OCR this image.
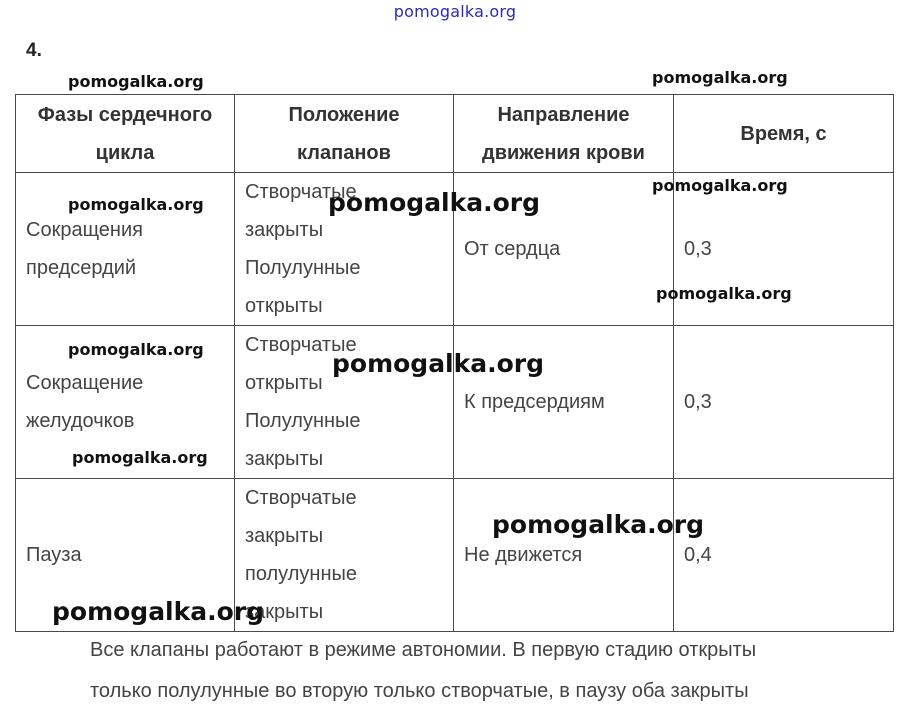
pomogalka.org
4.
Фазы сердечного
цикла	Положение
клапанов	Направление
движения крови	Время, с

Сокращения
предсердий	Створчатые
закрыты
Полулунные
открыты	От сердца	0,3

Сокращение
желудочков	Створчатые
открыты
Полулунные
закрыты	К предсердиям	0,3

Пауза	Створчатые
закрыты
полулунные
закрыты	Не движется	0,4
Все клапаны работают в режиме автономии. В первую стадию открыты
только полулунные во вторую только створчатые, в паузу оба закрыты
pomogalka.org	pomogalka.org
pomogalka.org
pomogalka.org
pomogalka.org
pomogalka.org
pomogalka.org	pomogalka.org
pomogalka.org
pomogalka.org
pomogalka.org
